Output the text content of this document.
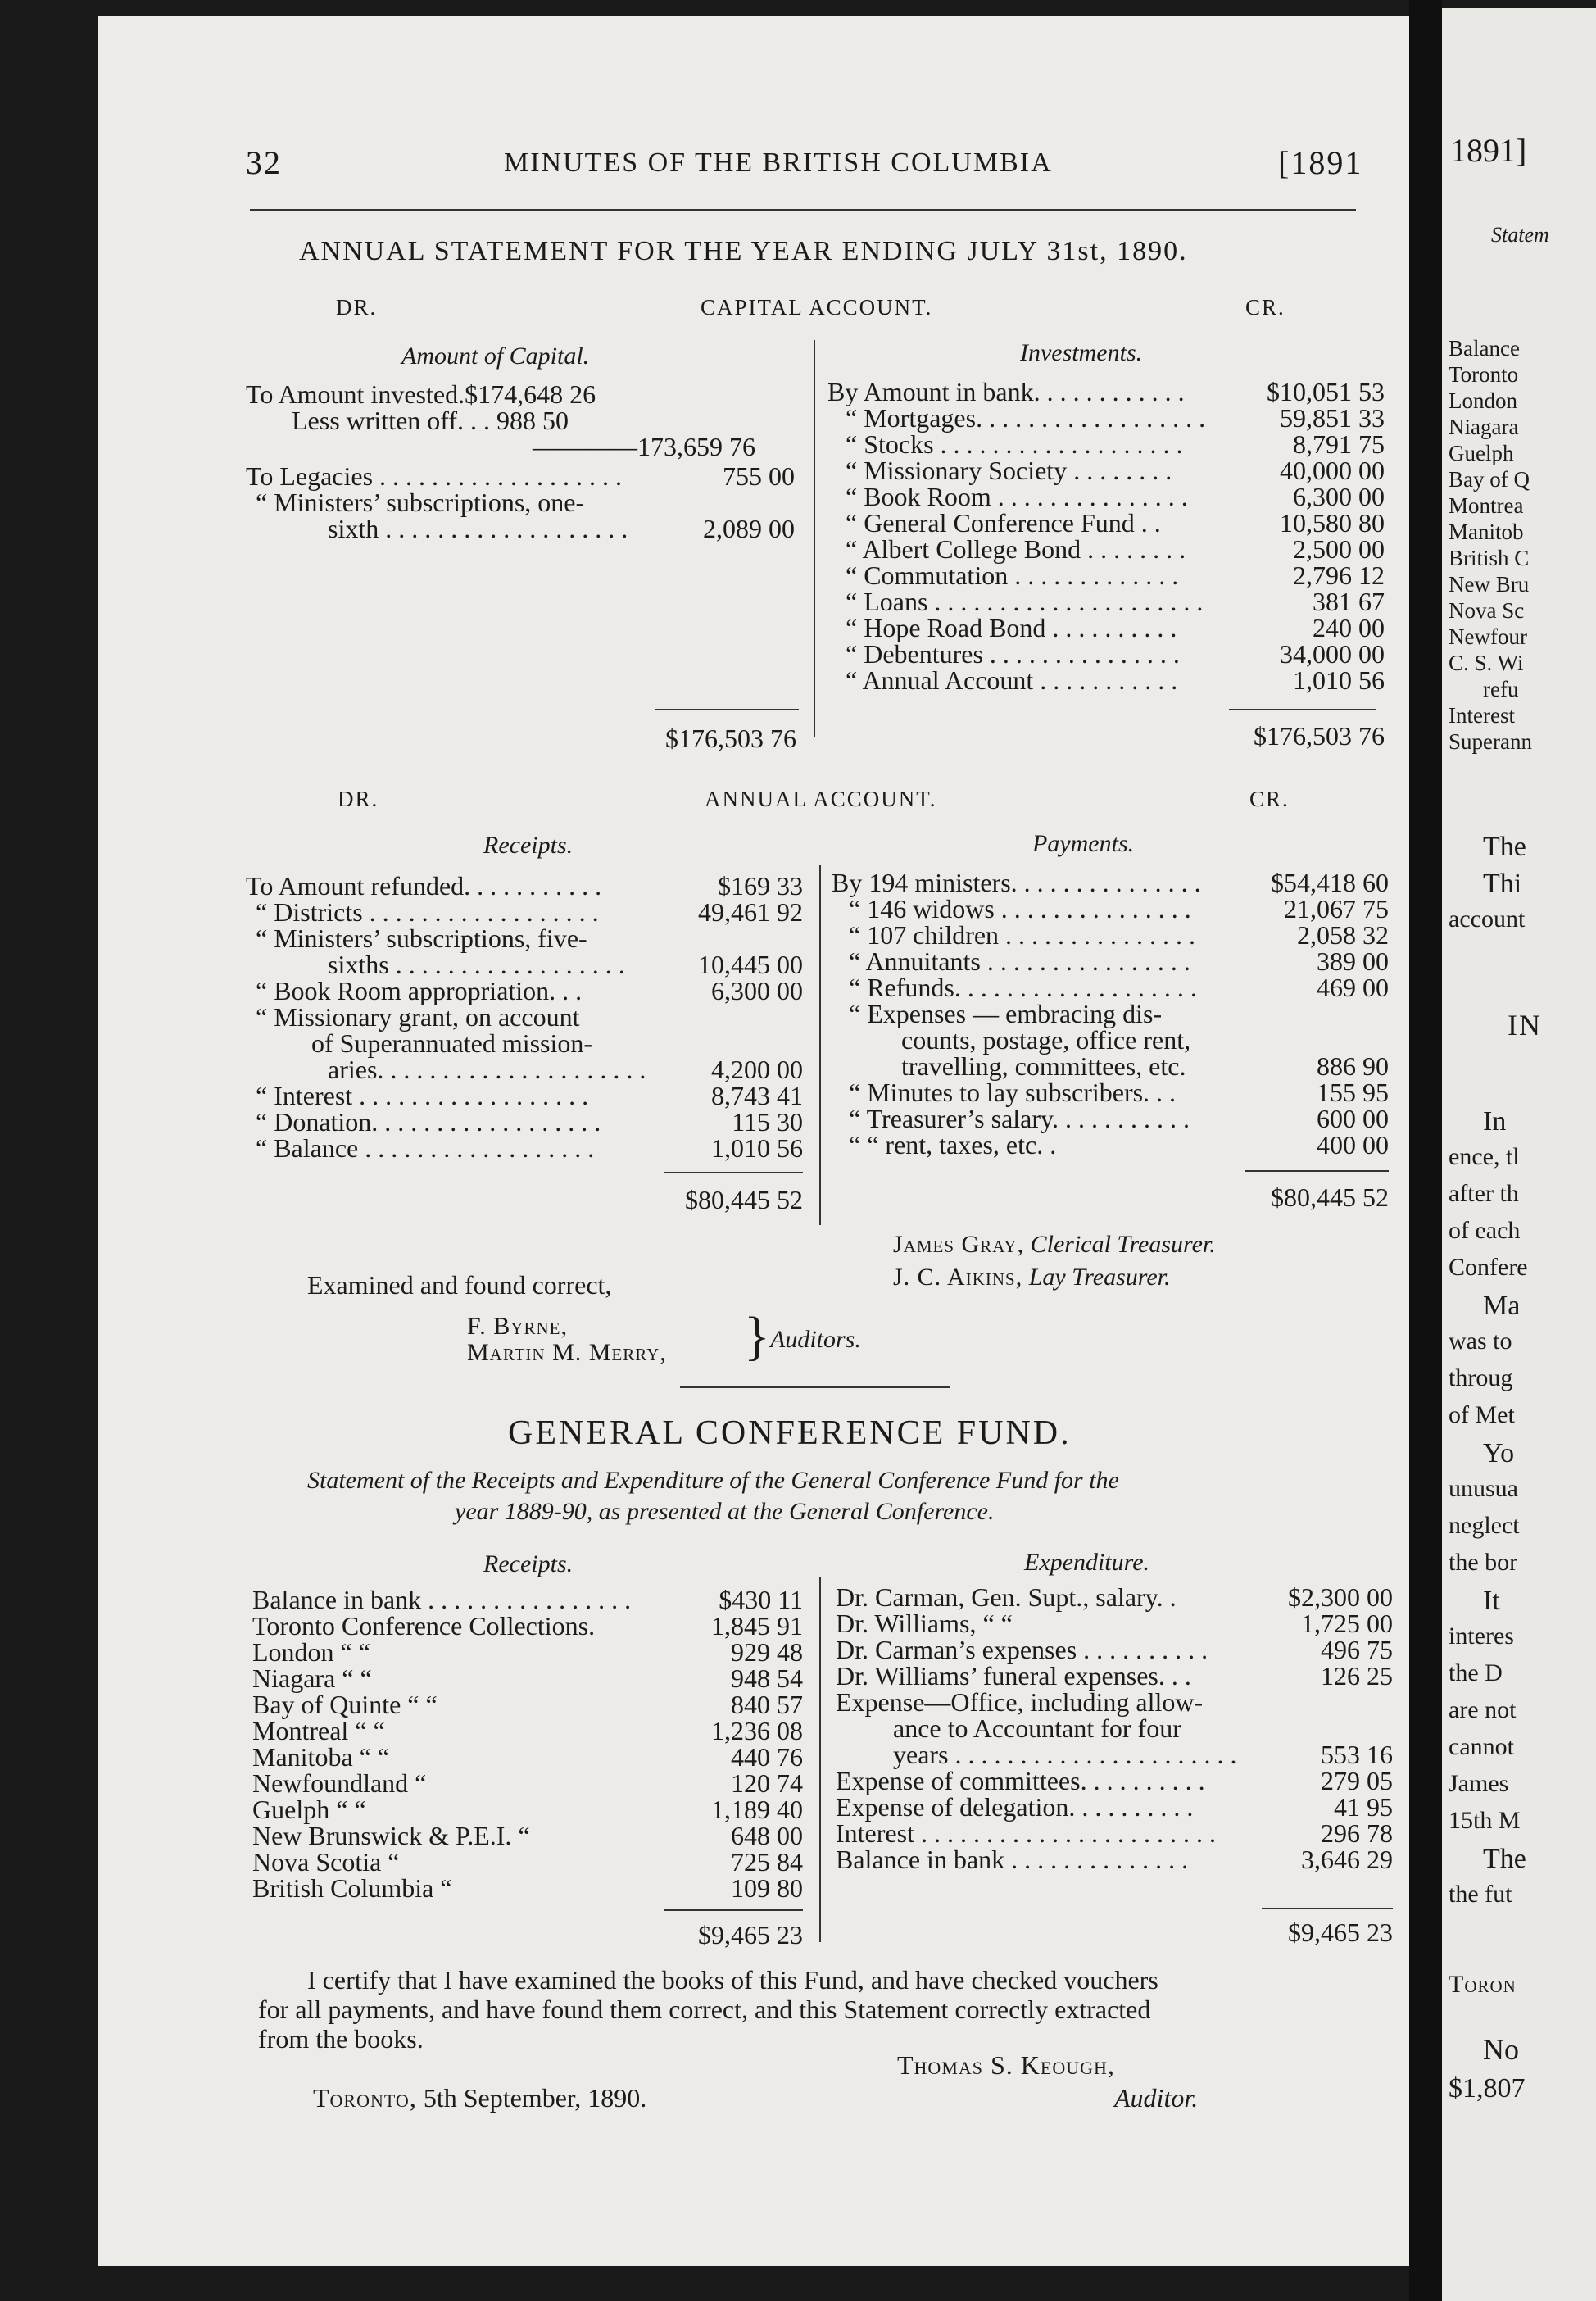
32	MINUTES OF THE BRITISH COLUMBIA	[1891
ANNUAL STATEMENT FOR THE YEAR ENDING JULY 31st, 1890.
DR.	CAPITAL ACCOUNT.	CR.
Amount of Capital.	Investments.
To Amount invested.$174,648 26
Less written off. . . 988 50
————173,659 76
To Legacies . . . . . . . . . . . . . . . . . . .	755 00
“ Ministers’ subscriptions, one-
sixth . . . . . . . . . . . . . . . . . . .	2,089 00
$176,503 76
By Amount in bank. . . . . . . . . . . .	$10,051 53
“ Mortgages. . . . . . . . . . . . . . . . . .	59,851 33
“ Stocks . . . . . . . . . . . . . . . . . . .	8,791 75
“ Missionary Society . . . . . . . .	40,000 00
“ Book Room . . . . . . . . . . . . . . .	6,300 00
“ General Conference Fund . .	10,580 80
“ Albert College Bond . . . . . . . .	2,500 00
“ Commutation . . . . . . . . . . . . .	2,796 12
“ Loans . . . . . . . . . . . . . . . . . . . . .	381 67
“ Hope Road Bond . . . . . . . . . .	240 00
“ Debentures . . . . . . . . . . . . . . .	34,000 00
“ Annual Account . . . . . . . . . . .	1,010 56
$176,503 76
DR.	ANNUAL ACCOUNT.	CR.
Receipts.	Payments.
To Amount refunded. . . . . . . . . . .	$169 33
“ Districts . . . . . . . . . . . . . . . . . .	49,461 92
“ Ministers’ subscriptions, five-
sixths . . . . . . . . . . . . . . . . . .	10,445 00
“ Book Room appropriation. . .	6,300 00
“ Missionary grant, on account
of Superannuated mission-
aries. . . . . . . . . . . . . . . . . . . . .	4,200 00
“ Interest . . . . . . . . . . . . . . . . . .	8,743 41
“ Donation. . . . . . . . . . . . . . . . . .	115 30
“ Balance . . . . . . . . . . . . . . . . . .	1,010 56
$80,445 52
By 194 ministers. . . . . . . . . . . . . . .	$54,418 60
“ 146 widows . . . . . . . . . . . . . . .	21,067 75
“ 107 children . . . . . . . . . . . . . . .	2,058 32
“ Annuitants . . . . . . . . . . . . . . . .	389 00
“ Refunds. . . . . . . . . . . . . . . . . . .	469 00
“ Expenses — embracing dis-
counts, postage, office rent,
travelling, committees, etc.	886 90
“ Minutes to lay subscribers. . .	155 95
“ Treasurer’s salary. . . . . . . . . . .	600 00
“ “ rent, taxes, etc. .	400 00
$80,445 52
James Gray, Clerical Treasurer.
J. C. Aikins, Lay Treasurer.
Examined and found correct,
F. Byrne,
Martin M. Merry, } Auditors.
GENERAL CONFERENCE FUND.
Statement of the Receipts and Expenditure of the General Conference Fund for the
year 1889-90, as presented at the General Conference.
Receipts.	Expenditure.
Balance in bank . . . . . . . . . . . . . . . .	$430 11
Toronto Conference Collections.	1,845 91
London “ “	929 48
Niagara “ “	948 54
Bay of Quinte “ “	840 57
Montreal “ “	1,236 08
Manitoba “ “	440 76
Newfoundland “	120 74
Guelph “ “	1,189 40
New Brunswick & P.E.I. “	648 00
Nova Scotia “	725 84
British Columbia “	109 80
$9,465 23
Dr. Carman, Gen. Supt., salary. .	$2,300 00
Dr. Williams, “ “	1,725 00
Dr. Carman’s expenses . . . . . . . . . .	496 75
Dr. Williams’ funeral expenses. . .	126 25
Expense—Office, including allow-
ance to Accountant for four
years . . . . . . . . . . . . . . . . . . . . . .	553 16
Expense of committees. . . . . . . . . .	279 05
Expense of delegation. . . . . . . . . .	41 95
Interest . . . . . . . . . . . . . . . . . . . . . . .	296 78
Balance in bank . . . . . . . . . . . . . .	3,646 29
$9,465 23
I certify that I have examined the books of this Fund, and have checked vouchers
for all payments, and have found them correct, and this Statement correctly extracted
from the books.
Thomas S. Keough,
Auditor.
Toronto, 5th September, 1890.
1891]
Statem
Balance
Toronto
London
Niagara
Guelph
Bay of Q
Montrea
Manitob
British C
New Bru
Nova Sc
Newfour
C. S. Wi
refu
Interest
Superann
The
Thi
account
IN
In
ence, tl
after th
of each
Confere
Ma
was to
throug
of Met
Yo
unusua
neglect
the bor
It
interes
the D
are not
cannot
James
15th M
The
the fut
Toron
No
$1,807
